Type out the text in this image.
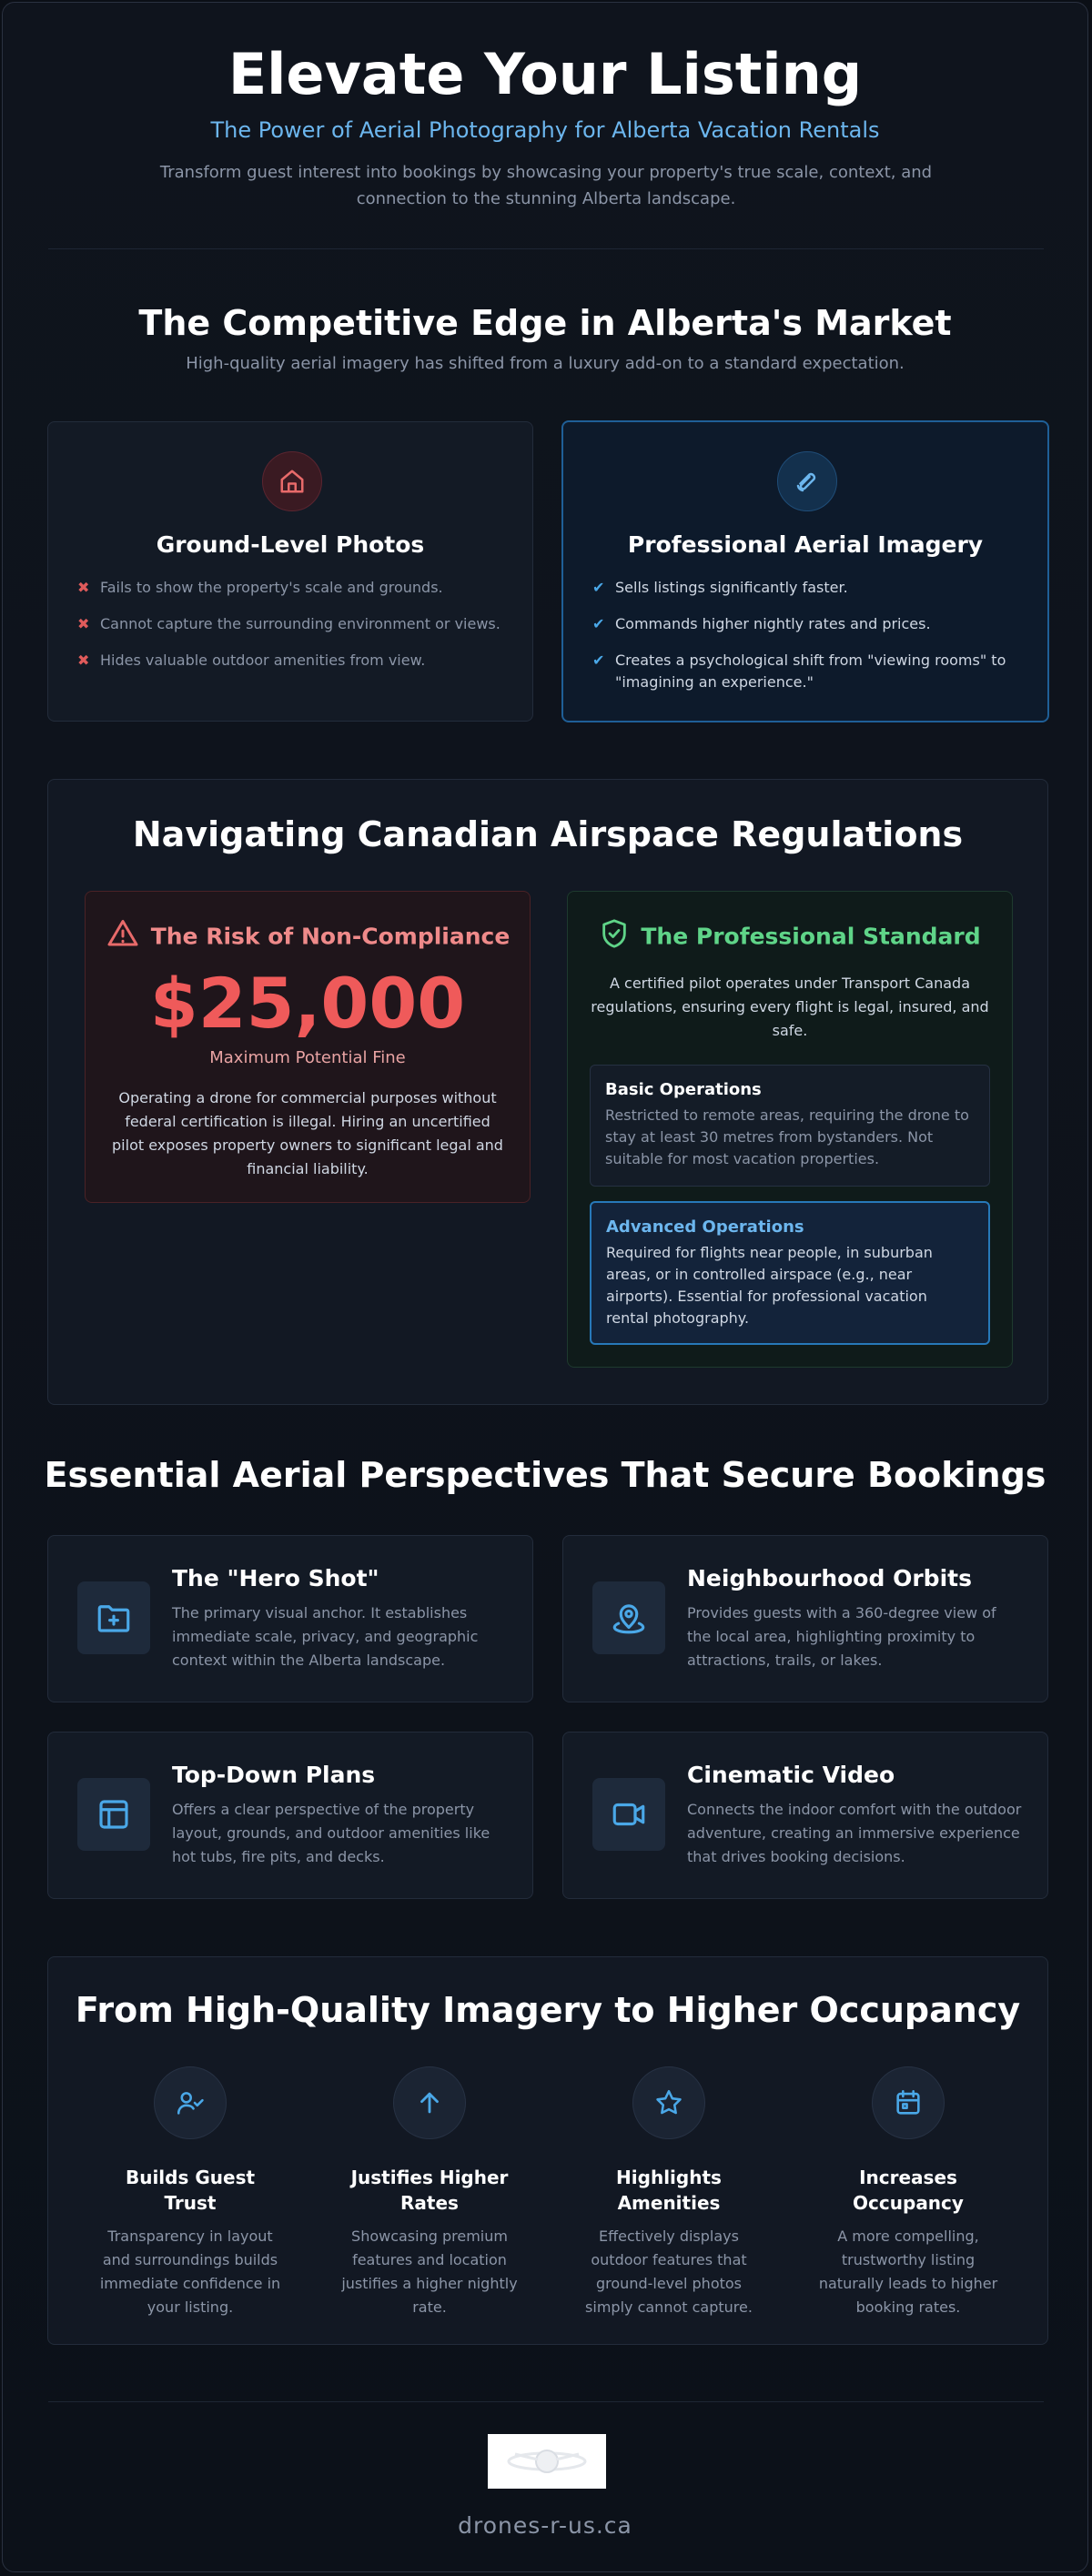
Elevate Your Listing
The Power of Aerial Photography for Alberta Vacation Rentals
Transform guest interest into bookings by showcasing your property's true scale, context, and connection to the stunning Alberta landscape.
The Competitive Edge in Alberta's Market
High-quality aerial imagery has shifted from a luxury add-on to a standard expectation.
Ground-Level Photos
✖ Fails to show the property's scale and grounds.
✖ Cannot capture the surrounding environment or views.
✖ Hides valuable outdoor amenities from view.
Professional Aerial Imagery
✔ Sells listings significantly faster.
✔ Commands higher nightly rates and prices.
✔ Creates a psychological shift from "viewing rooms" to "imagining an experience."
Navigating Canadian Airspace Regulations
The Risk of Non-Compliance
$25,000
Maximum Potential Fine
Operating a drone for commercial purposes without federal certification is illegal. Hiring an uncertified pilot exposes property owners to significant legal and financial liability.
The Professional Standard
A certified pilot operates under Transport Canada regulations, ensuring every flight is legal, insured, and safe.
Basic Operations
Restricted to remote areas, requiring the drone to stay at least 30 metres from bystanders. Not suitable for most vacation properties.
Advanced Operations
Required for flights near people, in suburban areas, or in controlled airspace (e.g., near airports). Essential for professional vacation rental photography.
Essential Aerial Perspectives That Secure Bookings
The "Hero Shot"
The primary visual anchor. It establishes immediate scale, privacy, and geographic context within the Alberta landscape.
Neighbourhood Orbits
Provides guests with a 360-degree view of the local area, highlighting proximity to attractions, trails, or lakes.
Top-Down Plans
Offers a clear perspective of the property layout, grounds, and outdoor amenities like hot tubs, fire pits, and decks.
Cinematic Video
Connects the indoor comfort with the outdoor adventure, creating an immersive experience that drives booking decisions.
From High-Quality Imagery to Higher Occupancy
Builds Guest Trust
Transparency in layout and surroundings builds immediate confidence in your listing.
Justifies Higher Rates
Showcasing premium features and location justifies a higher nightly rate.
Highlights Amenities
Effectively displays outdoor features that ground-level photos simply cannot capture.
Increases Occupancy
A more compelling, trustworthy listing naturally leads to higher booking rates.
drones-r-us.ca
